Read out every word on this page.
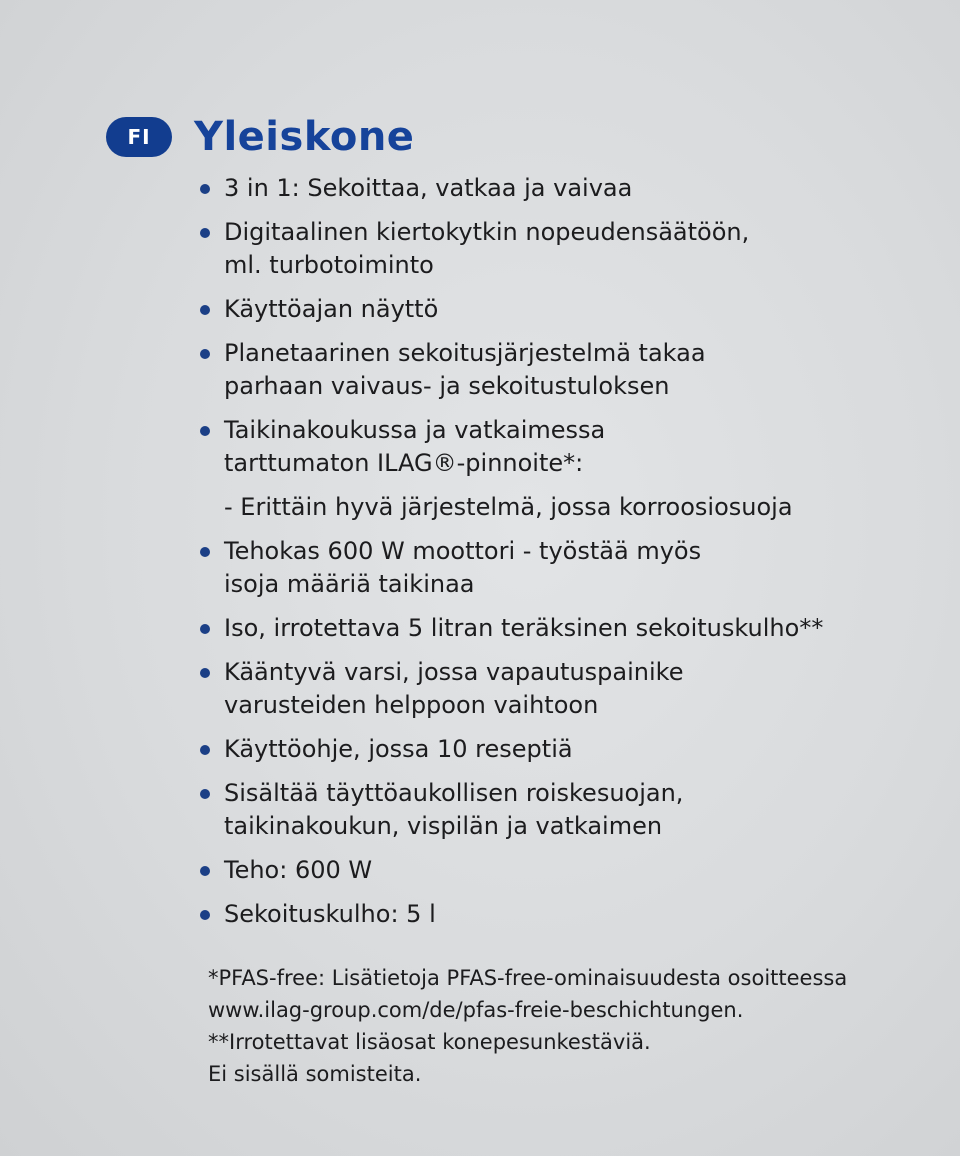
FI	Yleiskone
3 in 1: Sekoittaa, vatkaa ja vaivaa
Digitaalinen kiertokytkin nopeudensäätöön,
ml. turbotoiminto
Käyttöajan näyttö
Planetaarinen sekoitusjärjestelmä takaa
parhaan vaivaus- ja sekoitustuloksen
Taikinakoukussa ja vatkaimessa
tarttumaton ILAG®-pinnoite*:
- Erittäin hyvä järjestelmä, jossa korroosiosuoja
Tehokas 600 W moottori - työstää myös
isoja määriä taikinaa
Iso, irrotettava 5 litran teräksinen sekoituskulho**
Kääntyvä varsi, jossa vapautuspainike
varusteiden helppoon vaihtoon
Käyttöohje, jossa 10 reseptiä
Sisältää täyttöaukollisen roiskesuojan,
taikinakoukun, vispilän ja vatkaimen
Teho: 600 W
Sekoituskulho: 5 l
*PFAS-free: Lisätietoja PFAS-free-ominaisuudesta osoitteessa
www.ilag-group.com/de/pfas-freie-beschichtungen.
**Irrotettavat lisäosat konepesunkestäviä.
Ei sisällä somisteita.
